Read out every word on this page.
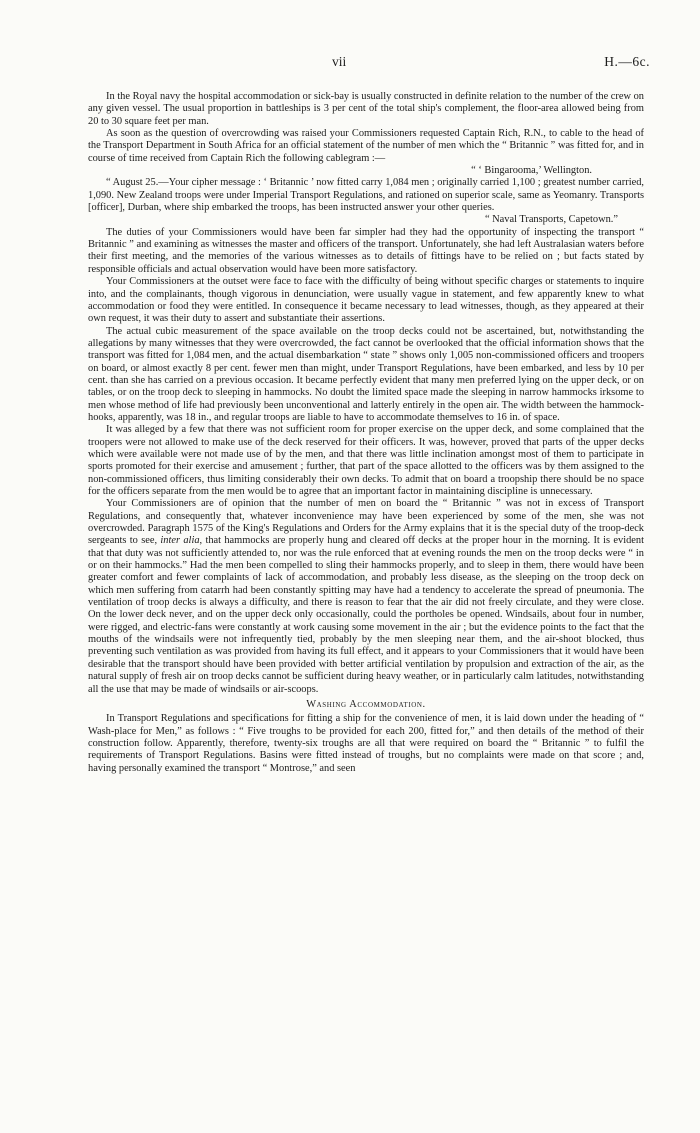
vii	H.—6c.

In the Royal navy the hospital accommodation or sick-bay is usually constructed in definite relation to the number of the crew on any given vessel. The usual proportion in battleships is 3 per cent of the total ship's complement, the floor-area allowed being from 20 to 30 square feet per man.

As soon as the question of overcrowding was raised your Commissioners requested Captain Rich, R.N., to cable to the head of the Transport Department in South Africa for an official statement of the number of men which the “ Britannic ” was fitted for, and in course of time received from Captain Rich the following cablegram :—

“ ‘ Bingarooma,’ Wellington.

“ August 25.—Your cipher message : ‘ Britannic ’ now fitted carry 1,084 men ; originally carried 1,100 ; greatest number carried, 1,090. New Zealand troops were under Imperial Transport Regulations, and rationed on superior scale, same as Yeomanry. Transports [officer], Durban, where ship embarked the troops, has been instructed answer your other queries.

“ Naval Transports, Capetown.”

The duties of your Commissioners would have been far simpler had they had the opportunity of inspecting the transport “ Britannic ” and examining as witnesses the master and officers of the transport. Unfortunately, she had left Australasian waters before their first meeting, and the memories of the various witnesses as to details of fittings have to be relied on ; but facts stated by responsible officials and actual observation would have been more satisfactory.

Your Commissioners at the outset were face to face with the difficulty of being without specific charges or statements to inquire into, and the complainants, though vigorous in denunciation, were usually vague in statement, and few apparently knew to what accommodation or food they were entitled. In consequence it became necessary to lead witnesses, though, as they appeared at their own request, it was their duty to assert and substantiate their assertions.

The actual cubic measurement of the space available on the troop decks could not be ascertained, but, notwithstanding the allegations by many witnesses that they were overcrowded, the fact cannot be overlooked that the official information shows that the transport was fitted for 1,084 men, and the actual disembarkation “ state ” shows only 1,005 non-commissioned officers and troopers on board, or almost exactly 8 per cent. fewer men than might, under Transport Regulations, have been embarked, and less by 10 per cent. than she has carried on a previous occasion. It became perfectly evident that many men preferred lying on the upper deck, or on tables, or on the troop deck to sleeping in hammocks. No doubt the limited space made the sleeping in narrow hammocks irksome to men whose method of life had previously been unconventional and latterly entirely in the open air. The width between the hammock-hooks, apparently, was 18 in., and regular troops are liable to have to accommodate themselves to 16 in. of space.

It was alleged by a few that there was not sufficient room for proper exercise on the upper deck, and some complained that the troopers were not allowed to make use of the deck reserved for their officers. It was, however, proved that parts of the upper decks which were available were not made use of by the men, and that there was little inclination amongst most of them to participate in sports promoted for their exercise and amusement ; further, that part of the space allotted to the officers was by them assigned to the non-commissioned officers, thus limiting considerably their own decks. To admit that on board a troopship there should be no space for the officers separate from the men would be to agree that an important factor in maintaining discipline is unnecessary.

Your Commissioners are of opinion that the number of men on board the “ Britannic ” was not in excess of Transport Regulations, and consequently that, whatever inconvenience may have been experienced by some of the men, she was not overcrowded. Paragraph 1575 of the King's Regulations and Orders for the Army explains that it is the special duty of the troop-deck sergeants to see, inter alia, that hammocks are properly hung and cleared off decks at the proper hour in the morning. It is evident that that duty was not sufficiently attended to, nor was the rule enforced that at evening rounds the men on the troop decks were “ in or on their hammocks.” Had the men been compelled to sling their hammocks properly, and to sleep in them, there would have been greater comfort and fewer complaints of lack of accommodation, and probably less disease, as the sleeping on the troop deck on which men suffering from catarrh had been constantly spitting may have had a tendency to accelerate the spread of pneumonia. The ventilation of troop decks is always a difficulty, and there is reason to fear that the air did not freely circulate, and they were close. On the lower deck never, and on the upper deck only occasionally, could the portholes be opened. Windsails, about four in number, were rigged, and electric-fans were constantly at work causing some movement in the air ; but the evidence points to the fact that the mouths of the windsails were not infrequently tied, probably by the men sleeping near them, and the air-shoot blocked, thus preventing such ventilation as was provided from having its full effect, and it appears to your Commissioners that it would have been desirable that the transport should have been provided with better artificial ventilation by propulsion and extraction of the air, as the natural supply of fresh air on troop decks cannot be sufficient during heavy weather, or in particularly calm latitudes, notwithstanding all the use that may be made of windsails or air-scoops.

Washing Accommodation.

In Transport Regulations and specifications for fitting a ship for the convenience of men, it is laid down under the heading of “ Wash-place for Men,” as follows : “ Five troughs to be provided for each 200, fitted for,” and then details of the method of their construction follow. Apparently, therefore, twenty-six troughs are all that were required on board the “ Britannic ” to fulfil the requirements of Transport Regulations. Basins were fitted instead of troughs, but no complaints were made on that score ; and, having personally examined the transport “ Montrose,” and seen
